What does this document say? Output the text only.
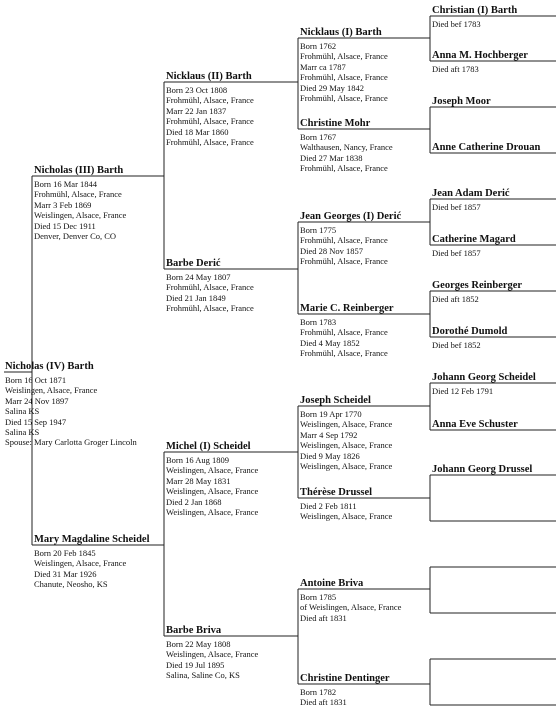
Nicholas (IV) Barth
Born 16 Oct 1871
Weislingen, Alsace, France
Marr 24 Nov 1897
Salina KS
Died 15 Sep 1947
Salina KS
Spouse: Mary Carlotta Groger Lincoln
Nicholas (III) Barth
Born 16 Mar 1844
Frohmühl, Alsace, France
Marr 3 Feb 1869
Weislingen, Alsace, France
Died 15 Dec 1911
Denver, Denver Co, CO
Mary Magdaline Scheidel
Born 20 Feb 1845
Weislingen, Alsace, France
Died 31 Mar 1926
Chanute, Neosho, KS
Nicklaus (II) Barth
Born 23 Oct 1808
Frohmühl, Alsace, France
Marr 22 Jan 1837
Frohmühl, Alsace, France
Died 18 Mar 1860
Frohmühl, Alsace, France
Barbe Derić
Born 24 May 1807
Frohmühl, Alsace, France
Died 21 Jan 1849
Frohmühl, Alsace, France
Michel (I) Scheidel
Born 16 Aug 1809
Weislingen, Alsace, France
Marr 28 May 1831
Weislingen, Alsace, France
Died 2 Jan 1868
Weislingen, Alsace, France
Barbe Briva
Born 22 May 1808
Weislingen, Alsace, France
Died 19 Jul 1895
Salina, Saline Co, KS
Nicklaus (I) Barth
Born 1762
Frohmühl, Alsace, France
Marr ca 1787
Frohmühl, Alsace, France
Died 29 May 1842
Frohmühl, Alsace, France
Christine Mohr
Born 1767
Walthausen, Nancy, France
Died 27 Mar 1838
Frohmühl, Alsace, France
Jean Georges (I) Derić
Born 1775
Frohmühl, Alsace, France
Died 28 Nov 1857
Frohmühl, Alsace, France
Marie C. Reinberger
Born 1783
Frohmühl, Alsace, France
Died 4 May 1852
Frohmühl, Alsace, France
Joseph Scheidel
Born 19 Apr 1770
Weislingen, Alsace, France
Marr 4 Sep 1792
Weislingen, Alsace, France
Died 9 May 1826
Weislingen, Alsace, France
Thérèse Drussel
Died 2 Feb 1811
Weislingen, Alsace, France
Antoine Briva
Born 1785
of Weislingen, Alsace, France
Died aft 1831
Christine Dentinger
Born 1782
Died aft 1831
Christian (I) Barth
Died bef 1783
Anna M. Hochberger
Died aft 1783
Joseph Moor
Anne Catherine Drouan
Jean Adam Derić
Died bef 1857
Catherine Magard
Died bef 1857
Georges Reinberger
Died aft 1852
Dorothé Dumold
Died bef 1852
Johann Georg Scheidel
Died 12 Feb 1791
Anna Eve Schuster
Johann Georg Drussel
